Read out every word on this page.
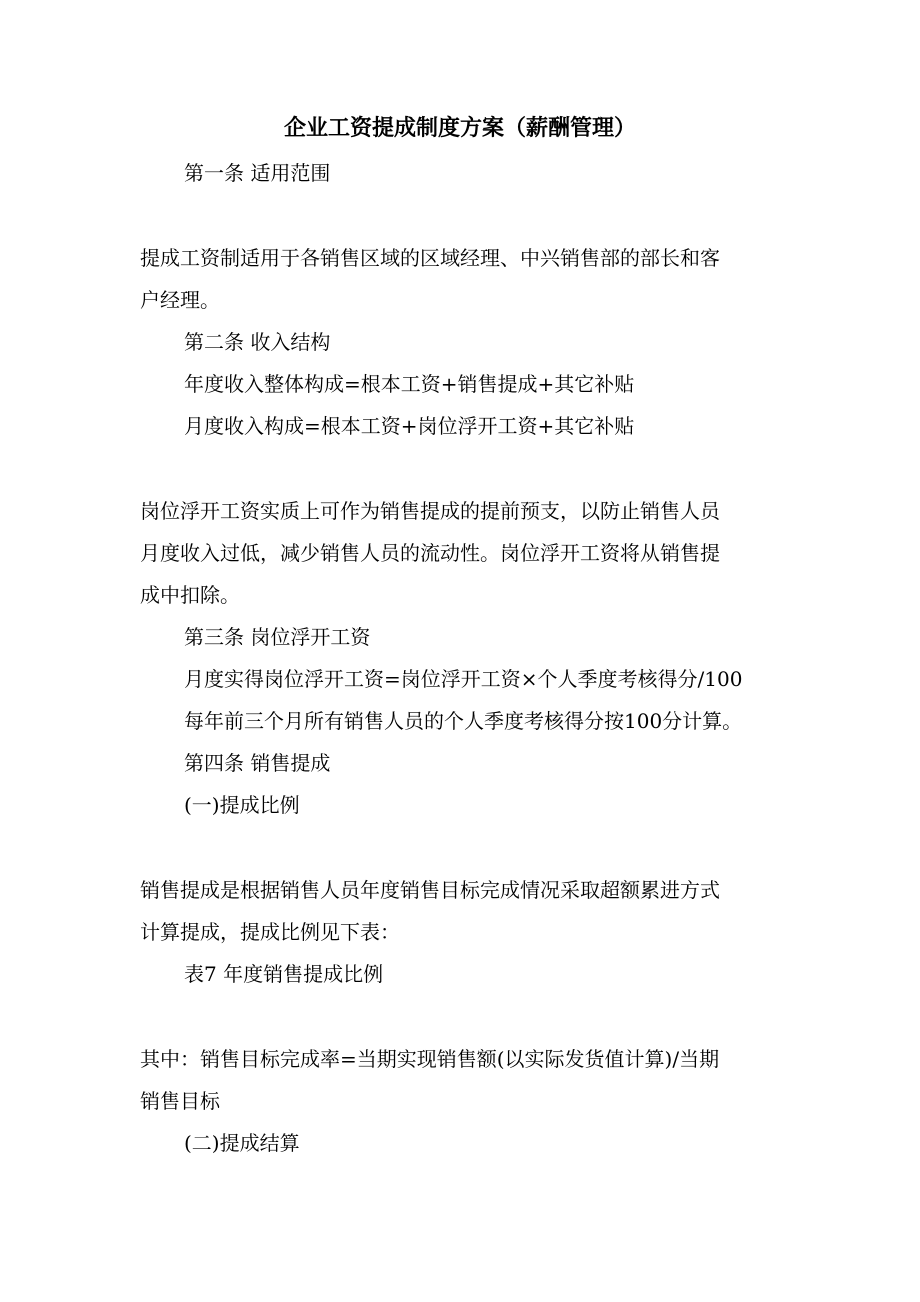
企业工资提成制度方案（薪酬管理）
第一条 适用范围
提成工资制适用于各销售区域的区域经理、中兴销售部的部长和客
户经理。
第二条 收入结构
年度收入整体构成=根本工资+销售提成+其它补贴
月度收入构成=根本工资+岗位浮开工资+其它补贴
岗位浮开工资实质上可作为销售提成的提前预支，以防止销售人员
月度收入过低，减少销售人员的流动性。岗位浮开工资将从销售提
成中扣除。
第三条 岗位浮开工资
月度实得岗位浮开工资=岗位浮开工资×个人季度考核得分/100
每年前三个月所有销售人员的个人季度考核得分按100分计算。
第四条 销售提成
(一)提成比例
销售提成是根据销售人员年度销售目标完成情况采取超额累进方式
计算提成，提成比例见下表：
表7 年度销售提成比例
其中：销售目标完成率=当期实现销售额(以实际发货值计算)/当期
销售目标
(二)提成结算
